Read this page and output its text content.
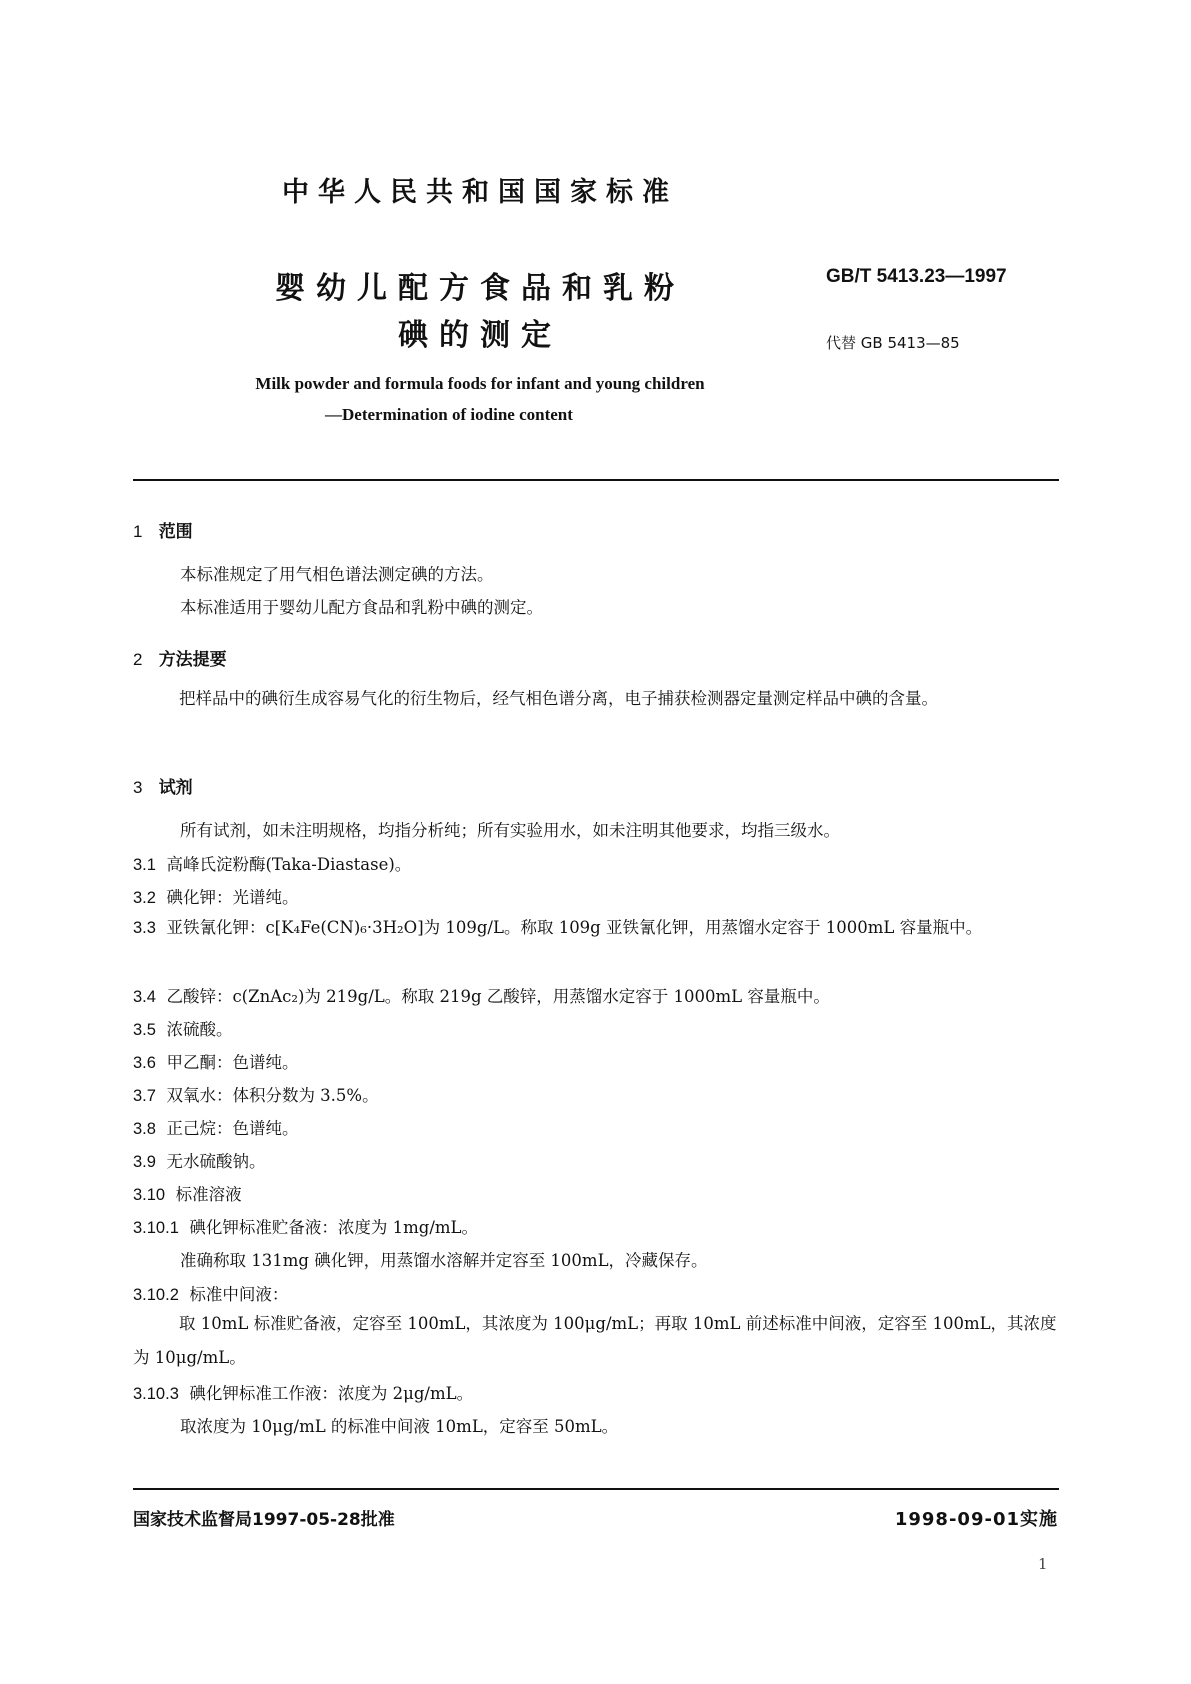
中华人民共和国国家标准
婴幼儿配方食品和乳粉
碘的测定
GB/T 5413.23—1997
代替 GB 5413—85
Milk powder and formula foods for infant and young children
—Determination of iodine content
1 范围
本标准规定了用气相色谱法测定碘的方法。
本标准适用于婴幼儿配方食品和乳粉中碘的测定。
2 方法提要
把样品中的碘衍生成容易气化的衍生物后，经气相色谱分离，电子捕获检测器定量测定样品中碘的含量。
3 试剂
所有试剂，如未注明规格，均指分析纯；所有实验用水，如未注明其他要求，均指三级水。
3.1 高峰氏淀粉酶(Taka-Diastase)。
3.2 碘化钾：光谱纯。
3.3 亚铁氰化钾：c[K₄Fe(CN)₆·3H₂O]为 109g/L。称取 109g 亚铁氰化钾，用蒸馏水定容于 1000mL 容量瓶中。
3.4 乙酸锌：c(ZnAc₂)为 219g/L。称取 219g 乙酸锌，用蒸馏水定容于 1000mL 容量瓶中。
3.5 浓硫酸。
3.6 甲乙酮：色谱纯。
3.7 双氧水：体积分数为 3.5%。
3.8 正己烷：色谱纯。
3.9 无水硫酸钠。
3.10 标准溶液
3.10.1 碘化钾标准贮备液：浓度为 1mg/mL。
准确称取 131mg 碘化钾，用蒸馏水溶解并定容至 100mL，冷藏保存。
3.10.2 标准中间液：
取 10mL 标准贮备液，定容至 100mL，其浓度为 100μg/mL；再取 10mL 前述标准中间液，定容至 100mL，其浓度为 10μg/mL。
3.10.3 碘化钾标准工作液：浓度为 2μg/mL。
取浓度为 10μg/mL 的标准中间液 10mL，定容至 50mL。
国家技术监督局1997-05-28批准	1998-09-01实施
1
